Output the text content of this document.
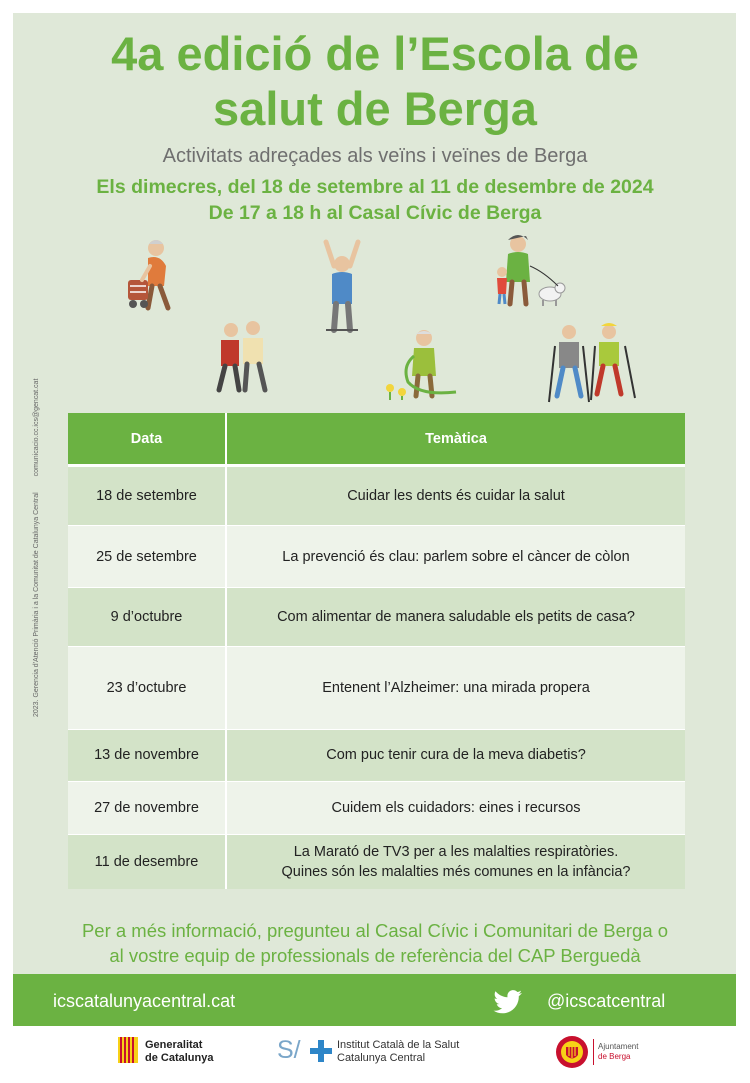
4a edició de l’Escola de
salut de Berga
Activitats adreçades als veïns i veïnes de Berga
Els dimecres, del 18 de setembre al 11 de desembre de 2024
De 17 a 18 h al Casal Cívic de Berga
2023. Gerencia d'Atenció Primària i a la Comunitat de Catalunya Central comunicacio.cc.ics@gencat.cat	Data	Temàtica
18 de setembre	Cuidar les dents és cuidar la salut
25 de setembre	La prevenció és clau: parlem sobre el càncer de còlon
9 d’octubre	Com alimentar de manera saludable els petits de casa?
23 d’octubre	Entenent l’Alzheimer: una mirada propera
13 de novembre	Com puc tenir cura de la meva diabetis?
27 de novembre	Cuidem els cuidadors: eines i recursos
11 de desembre	La Marató de TV3 per a les malalties respiratòries.
Quines són les malalties més comunes en la infància?
Per a més informació, pregunteu al Casal Cívic i Comunitari de Berga o
al vostre equip de professionals de referència del CAP Berguedà
icscatalunyacentral.cat	@icscatcentral
Generalitat
de Catalunya	S/	Institut Català de la Salut
Catalunya Central
Ajuntament
de Berga
